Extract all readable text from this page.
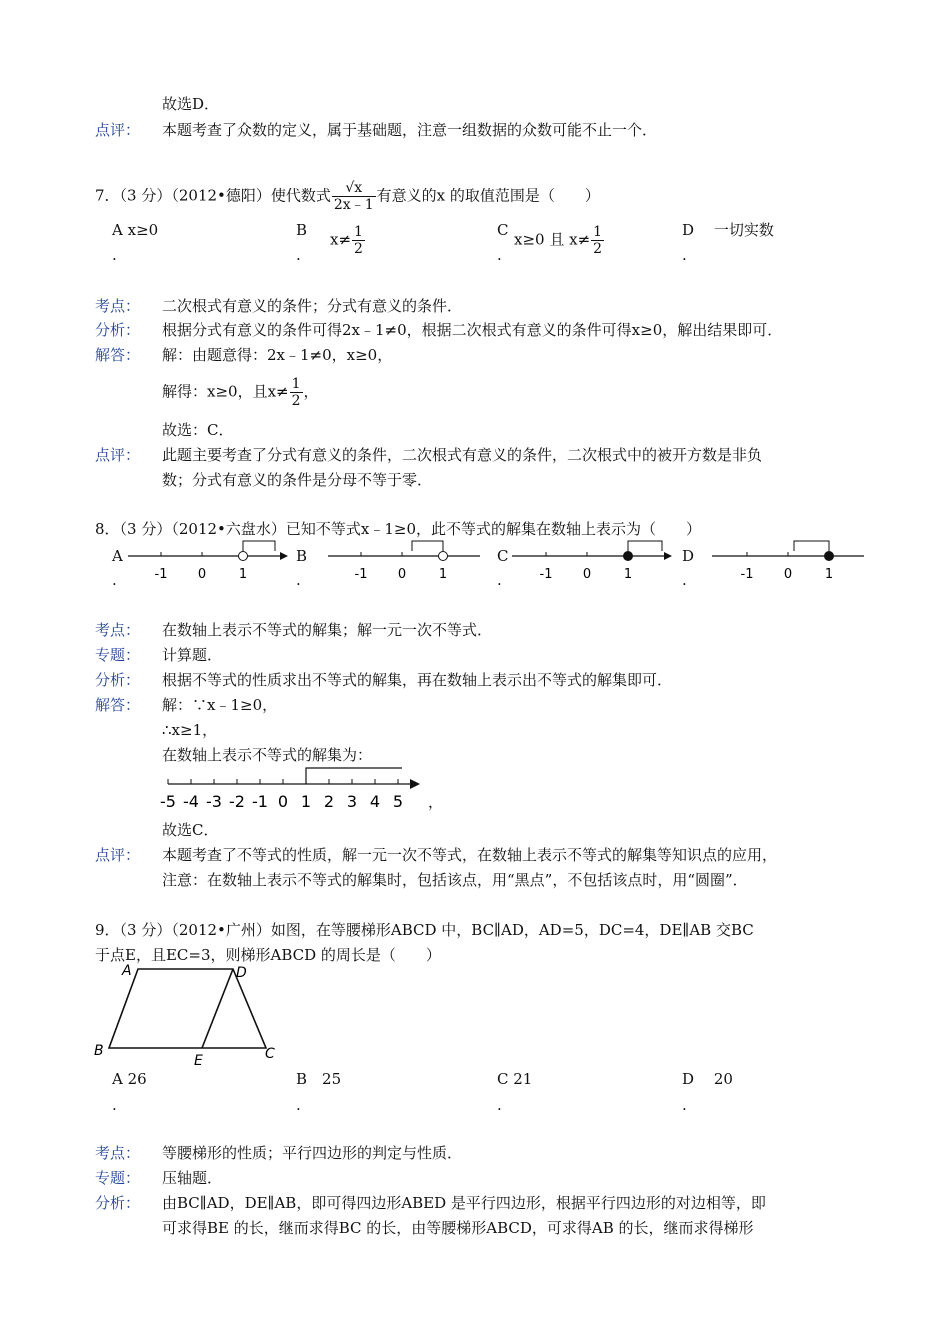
故选D．
点评： 本题考查了众数的定义，属于基础题，注意一组数据的众数可能不止一个．
7．（3 分）（2012•德阳）使代数式 $\frac{√x}{2x﹣1}$ 有意义的x 的取值范围是（　　）
A x≥0
.
B
$x\ne \frac{1}{2}$
.
C
x≥0 且 $x\ne \frac{1}{2}$
.
D　 一切实数
.
考点： 二次根式有意义的条件；分式有意义的条件．
分析： 根据分式有意义的条件可得2x﹣1≠0，根据二次根式有意义的条件可得x≥0，解出结果即可．
解答： 解：由题意得：2x﹣1≠0，x≥0，
解得：x≥0，且$x\ne \frac{1}{2}$ ，
故选：C．
点评： 此题主要考查了分式有意义的条件，二次根式有意义的条件，二次根式中的被开方数是非负
数；分式有意义的条件是分母不等于零．
8．（3 分）（2012•六盘水）已知不等式x﹣1≥0，此不等式的解集在数轴上表示为（　　）
A
.
B
.
C
.
D
.
-1 0	1	-1 0	1	-1 0	1	-1 0	1
考点： 在数轴上表示不等式的解集；解一元一次不等式．
专题： 计算题．
分析： 根据不等式的性质求出不等式的解集，再在数轴上表示出不等式的解集即可．
解答： 解：∵x﹣1≥0，
∴x≥1，
在数轴上表示不等式的解集为：
-5 -4 -3 -2 -1 0 1 2 3 4 5 ，
故选C．
点评： 本题考查了不等式的性质，解一元一次不等式，在数轴上表示不等式的解集等知识点的应用，
注意：在数轴上表示不等式的解集时，包括该点，用“黑点”，不包括该点时，用“圆圈”．
9．（3 分）（2012•广州）如图，在等腰梯形ABCD 中，BC∥AD，AD=5，DC=4，DE∥AB 交BC
于点E，且EC=3，则梯形ABCD 的周长是（　　）
A	D
B
E	C
A 26
.
B　 25
.
C 21
.
D　 20
.
考点： 等腰梯形的性质；平行四边形的判定与性质．
专题： 压轴题．
分析： 由BC∥AD，DE∥AB，即可得四边形ABED 是平行四边形，根据平行四边形的对边相等，即
可求得BE 的长，继而求得BC 的长，由等腰梯形ABCD，可求得AB 的长，继而求得梯形
